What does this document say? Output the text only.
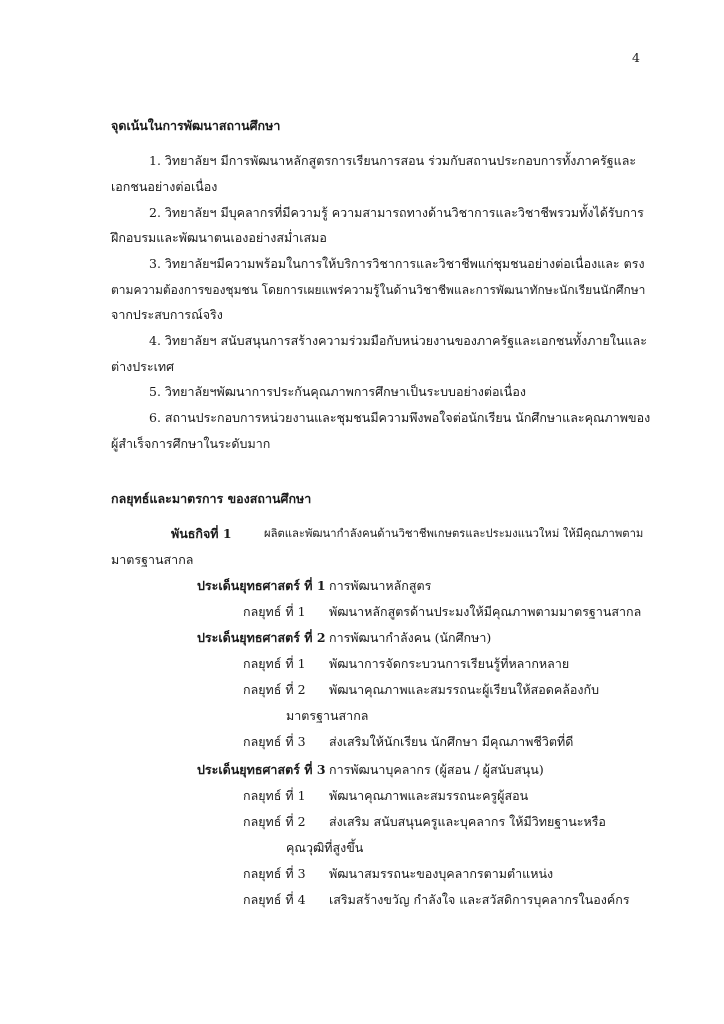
4
จุดเน้นในการพัฒนาสถานศึกษา
1. วิทยาลัยฯ มีการพัฒนาหลักสูตรการเรียนการสอน ร่วมกับสถานประกอบการทั้งภาครัฐและ
เอกชนอย่างต่อเนื่อง
2. วิทยาลัยฯ มีบุคลากรที่มีความรู้ ความสามารถทางด้านวิชาการและวิชาชีพรวมทั้งได้รับการ
ฝึกอบรมและพัฒนาตนเองอย่างสม่ำเสมอ
3. วิทยาลัยฯมีความพร้อมในการให้บริการวิชาการและวิชาชีพแก่ชุมชนอย่างต่อเนื่องและ ตรง
ตามความต้องการของชุมชน โดยการเผยแพร่ความรู้ในด้านวิชาชีพและการพัฒนาทักษะนักเรียนนักศึกษา
จากประสบการณ์จริง
4. วิทยาลัยฯ สนับสนุนการสร้างความร่วมมือกับหน่วยงานของภาครัฐและเอกชนทั้งภายในและ
ต่างประเทศ
5. วิทยาลัยฯพัฒนาการประกันคุณภาพการศึกษาเป็นระบบอย่างต่อเนื่อง
6. สถานประกอบการหน่วยงานและชุมชนมีความพึงพอใจต่อนักเรียน นักศึกษาและคุณภาพของ
ผู้สำเร็จการศึกษาในระดับมาก
กลยุทธ์และมาตรการ ของสถานศึกษา
พันธกิจที่ 1	ผลิตและพัฒนากำลังคนด้านวิชาชีพเกษตรและประมงแนวใหม่ ให้มีคุณภาพตาม
มาตรฐานสากล
ประเด็นยุทธศาสตร์ ที่ 1 การพัฒนาหลักสูตร
กลยุทธ์ ที่ 1 พัฒนาหลักสูตรด้านประมงให้มีคุณภาพตามมาตรฐานสากล
ประเด็นยุทธศาสตร์ ที่ 2 การพัฒนากำลังคน (นักศึกษา)
กลยุทธ์ ที่ 1 พัฒนาการจัดกระบวนการเรียนรู้ที่หลากหลาย
กลยุทธ์ ที่ 2 พัฒนาคุณภาพและสมรรถนะผู้เรียนให้สอดคล้องกับ
มาตรฐานสากล
กลยุทธ์ ที่ 3 ส่งเสริมให้นักเรียน นักศึกษา มีคุณภาพชีวิตที่ดี
ประเด็นยุทธศาสตร์ ที่ 3 การพัฒนาบุคลากร (ผู้สอน / ผู้สนับสนุน)
กลยุทธ์ ที่ 1 พัฒนาคุณภาพและสมรรถนะครูผู้สอน
กลยุทธ์ ที่ 2 ส่งเสริม สนับสนุนครูและบุคลากร ให้มีวิทยฐานะหรือ
คุณวุฒิที่สูงขึ้น
กลยุทธ์ ที่ 3 พัฒนาสมรรถนะของบุคลากรตามตำแหน่ง
กลยุทธ์ ที่ 4 เสริมสร้างขวัญ กำลังใจ และสวัสดิการบุคลากรในองค์กร
